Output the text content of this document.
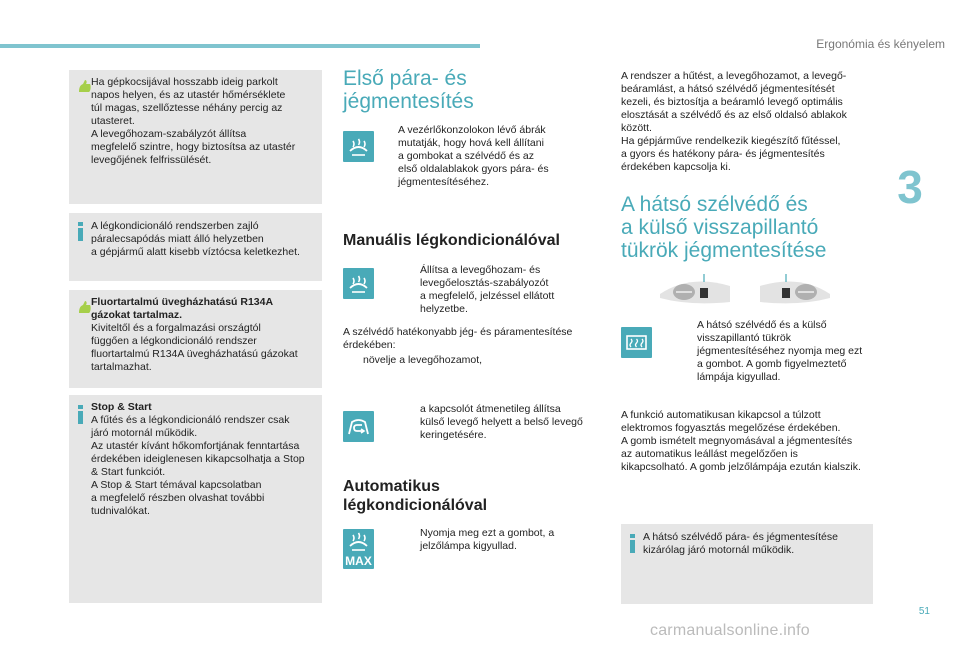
Ergonómia és kényelem
3
51
carmanualsonline.info
Ha gépkocsijával hosszabb ideig parkolt
napos helyen, és az utastér hőmérséklete
túl magas, szellőztesse néhány percig az
utasteret.
A levegőhozam-szabályzót állítsa
megfelelő szintre, hogy biztosítsa az utastér
levegőjének felfrissülését.
A légkondicionáló rendszerben zajló
páralecsapódás miatt álló helyzetben
a gépjármű alatt kisebb víztócsa keletkezhet.
Fluortartalmú üvegházhatású R134A
gázokat tartalmaz.
Kiviteltől és a forgalmazási országtól
függően a légkondicionáló rendszer
fluortartalmú R134A üvegházhatású gázokat
tartalmazhat.
Stop & Start
A fűtés és a légkondicionáló rendszer csak
járó motornál működik.
Az utastér kívánt hőkomfortjának fenntartása
érdekében ideiglenesen kikapcsolhatja a Stop
& Start funkciót.
A Stop & Start témával kapcsolatban
a megfelelő részben olvashat további
tudnivalókat.
Első pára- és
jégmentesítés
A vezérlőkonzolokon lévő ábrák
mutatják, hogy hová kell állítani
a gombokat a szélvédő és az
első oldalablakok gyors pára- és
jégmentesítéséhez.
Manuális légkondicionálóval
Állítsa a levegőhozam- és
levegőelosztás-szabályozót
a megfelelő, jelzéssel ellátott
helyzetbe.
A szélvédő hatékonyabb jég- és páramentesítése
érdekében:
növelje a levegőhozamot,
a kapcsolót átmenetileg állítsa
külső levegő helyett a belső levegő
keringetésére.
Automatikus
légkondicionálóval
MAX
Nyomja meg ezt a gombot, a
jelzőlámpa kigyullad.
A rendszer a hűtést, a levegőhozamot, a levegő-
beáramlást, a hátsó szélvédő jégmentesítését
kezeli, és biztosítja a beáramló levegő optimális
elosztását a szélvédő és az első oldalsó ablakok
között.
Ha gépjárműve rendelkezik kiegészítő fűtéssel,
a gyors és hatékony pára- és jégmentesítés
érdekében kapcsolja ki.
A hátsó szélvédő és
a külső visszapillantó
tükrök jégmentesítése
A hátsó szélvédő és a külső
visszapillantó tükrök
jégmentesítéséhez nyomja meg ezt
a gombot. A gomb figyelmeztető
lámpája kigyullad.
A funkció automatikusan kikapcsol a túlzott
elektromos fogyasztás megelőzése érdekében.
A gomb ismételt megnyomásával a jégmentesítés
az automatikus leállást megelőzően is
kikapcsolható. A gomb jelzőlámpája ezután kialszik.
A hátsó szélvédő pára- és jégmentesítése
kizárólag járó motornál működik.
